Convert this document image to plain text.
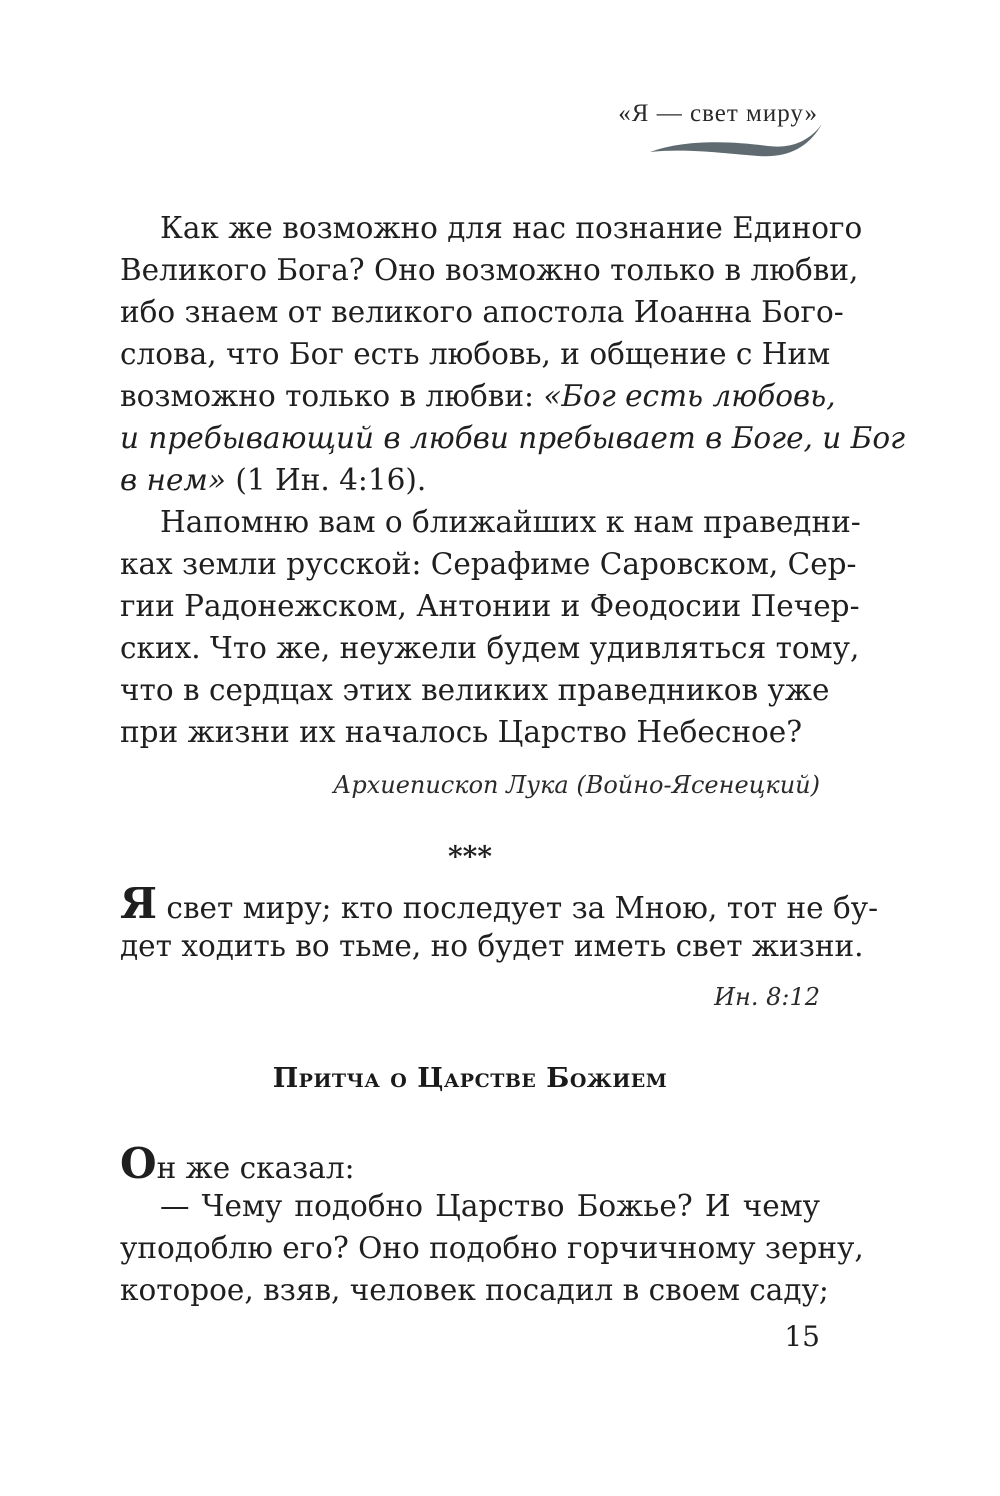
«Я — свет миру»
Как же возможно для нас познание Единого
Великого Бога? Оно возможно только в любви,
ибо знаем от великого апостола Иоанна Бого-
слова, что Бог есть любовь, и общение с Ним
возможно только в любви: «Бог есть любовь,
и пребывающий в любви пребывает в Боге, и Бог
в нем» (1 Ин. 4:16).
Напомню вам о ближайших к нам праведни-
ках земли русской: Серафиме Саровском, Сер-
гии Радонежском, Антонии и Феодосии Печер-
ских. Что же, неужели будем удивляться тому,
что в сердцах этих великих праведников уже
при жизни их началось Царство Небесное?
Архиепископ Лука (Войно-Ясенецкий)
***
Я свет миру; кто последует за Мною, тот не бу-
дет ходить во тьме, но будет иметь свет жизни.
Ин. 8:12
Притча о Царстве Божием
Он же сказал:
— Чему подобно Царство Божье? И чему
уподоблю его? Оно подобно горчичному зерну,
которое, взяв, человек посадил в своем саду;
15
